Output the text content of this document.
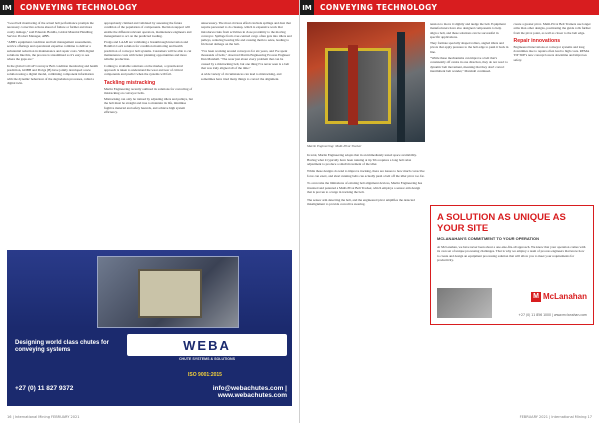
IM CONVEYING TECHNOLOGY

"Good belt monitoring of the actual belt performance prompts the necessary corrective actions ahead of failure or further and more costly damage," said Eduardo Bonilla, Global Material Handling Service Product Manager, ABB.

"ABB's equipment condition and belt management assessments, service offerings and operational expertise combine to deliver a substantial reduction in maintenance and repair costs. With digital solutions like this, the process is streamlined so it's easy to see where the gaps are."

In the global ColCaP Conveyor Belt condition monitoring and health prediction, GDBB and Prolga (B) have jointly developed a new solution using a digital model, combining component information with the dynamic behaviour of the degradation processes, called a digital twin.

appropriately claimed and validated by assessing the future condition of the population of components. Decision support will enable the different relevant operators, maintenance engineers and management to act on the predicted loading.

Prolga and LAAB are validating a breakthrough innovation and Bonilla's LaaS solution for condition monitoring and health prediction of conveyor belt systems. Customers will be able to cut maintenance costs with better planning opportunities and more reliable production.

Coming to available solutions on the market, a system-level approach is taken to understand the wear and tear of critical components and predict when the systems will fail.

Tackling mistracking

Martin Engineering recently outlined its solutions for correcting of mistracking on conveyor belts.

Mistracking can only be trained by adjusting idlers and pulleys, but the belt must be straight and true to maintain its life, minimise fugitive material and safety hazards, and achieve high system efficiency.

unnecessary. The most obvious effects include spillage and dust that require personnel to do cleanup, which is expensive work that introduces risks from activities in close proximity to the moving conveyor. Spillage from over-centred cargo often gets into idlers and pulleys, reducing bearing life and causing them to seize, leading to frictional damage on the belt.

"I've been working around conveyors for six years, and I've spent thousands of belts," observed Martin Engineering Process Engineer Dan Marshall. "The wear just about every problem that can be caused by a mistracking belt, but one thing I've never seen is a belt that was truly aligned all of the time."

A wide variety of circumstances can lead to mistracking, and sometimes have tried many things to correct the alignment.

Designing world class chutes for conveying systems	WEBA
CHUTE SYSTEMS & SOLUTIONS
ISO 9001:2015
+27 (0) 11 827 9372	info@webachutes.com | www.webachutes.com
16 | International Mining FEBRUARY 2021
IM CONVEYING TECHNOLOGY
Martin Engineering: Multi-Pivot Tracker

tension to move it slightly and nudge the belt. Equipment manufacturers have also designed components to help align a belt, and these solutions can be successful in specific applications.

They formate specially shaped rollers, angled idlers and pivots that apply pressure to the belt edge to push it back in line.

"While these mechanisms can improve a belt that's consistently off centre in one direction, they do not react to dynamic belt movement, meaning that they don't correct intermittent belt wander," Marshall continued.

create a greater pivot. Multi-Pivot Belt Trainers use longer arms than other designs, positioning the guide rolls further from the pivot point, as well as closer to the belt edge.

Repair innovations

Engineered innovations at conveyor systems and long downtimes due to repairs often lead to high costs. REMA TIP TOP's new concept lowers downtime and improves safety.

In total, Martin Engineering adopts that in an immediately tested space availability. Having what it typically have been running at tip Tris requires a long belt relax adjustment to produce a small movement of the idler.

While these designs do tend to improve tracking, there are issues to how much corrective force can exert, and short running belts can actually push a belt off the idler pivot too far.

To overcome the limitations of existing belt alignment devices, Martin Engineering has invented and patented a Multi-Pivot Belt Tracker, which employs a sensor arm design that is proven to a large in tracking the belt.

The sensor arm detecting the belt, and the engineered pivot amplifies the detected misalignment to provide corrective steering.

A SOLUTION AS UNIQUE AS YOUR SITE
MCLANAHAN'S COMMITMENT TO YOUR OPERATION
At McLanahan, we have never been about a one-size-fits-all approach. We know that your operation comes with its own set of unique processing challenges. That is why we employ a team of process engineers that know how to create and design an equipment processing solution that will allow you to meet your requirements for productivity.
M McLanahan
+27 (0) 11 856 1000 | www.mclanahan.com
FEBRUARY 2021 | International Mining 17
